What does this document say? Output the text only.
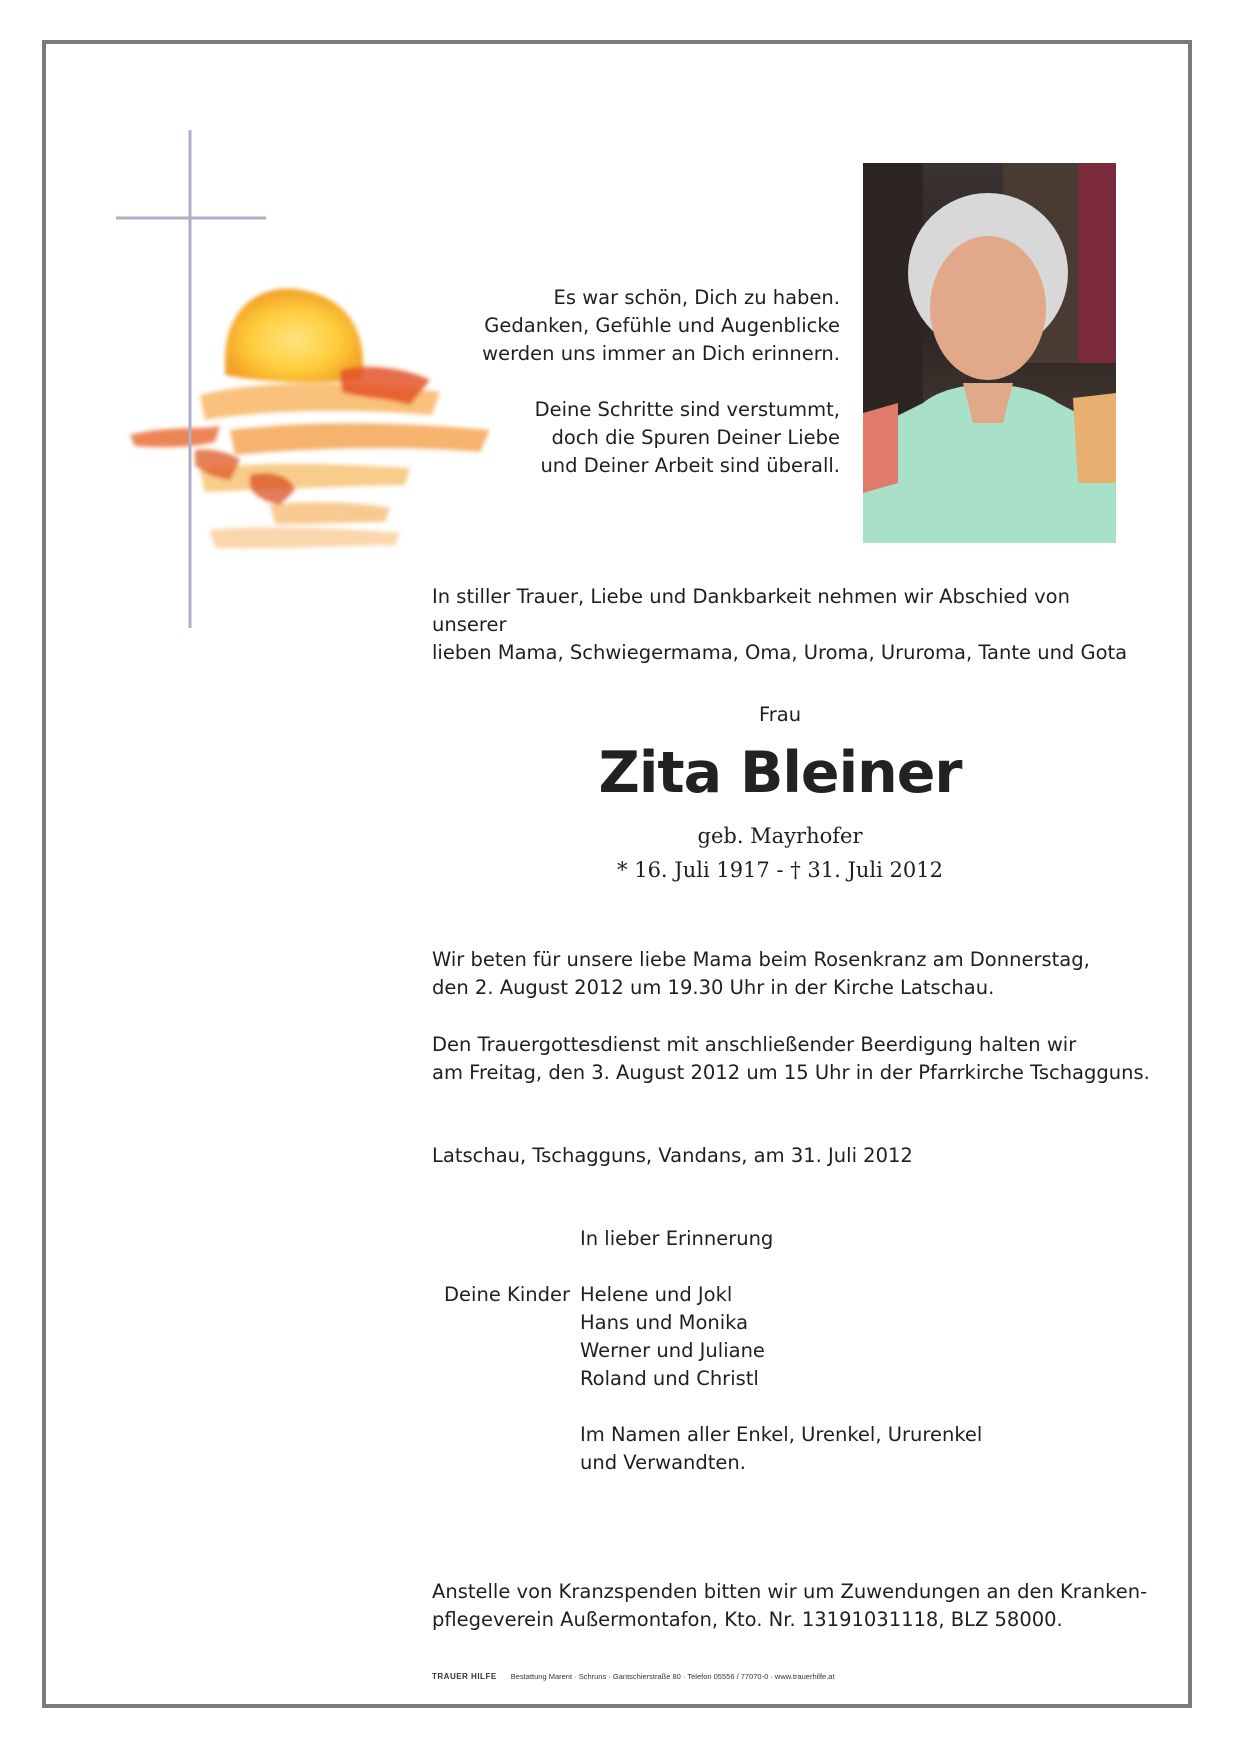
Es war schön, Dich zu haben.
Gedanken, Gefühle und Augenblicke
werden uns immer an Dich erinnern.
Deine Schritte sind verstummt,
doch die Spuren Deiner Liebe
und Deiner Arbeit sind überall.
In stiller Trauer, Liebe und Dankbarkeit nehmen wir Abschied von unserer
lieben Mama, Schwiegermama, Oma, Uroma, Ururoma, Tante und Gota
Frau
Zita Bleiner
geb. Mayrhofer
* 16. Juli 1917 - † 31. Juli 2012
Wir beten für unsere liebe Mama beim Rosenkranz am Donnerstag,
den 2. August 2012 um 19.30 Uhr in der Kirche Latschau.
Den Trauergottesdienst mit anschließender Beerdigung halten wir
am Freitag, den 3. August 2012 um 15 Uhr in der Pfarrkirche Tschagguns.
Latschau, Tschagguns, Vandans, am 31. Juli 2012
In lieber Erinnerung
Deine Kinder Helene und Jokl
Hans und Monika
Werner und Juliane
Roland und Christl
Im Namen aller Enkel, Urenkel, Ururenkel
und Verwandten.
Anstelle von Kranzspenden bitten wir um Zuwendungen an den Kranken-
pflegeverein Außermontafon, Kto. Nr. 13191031118, BLZ 58000.
TRAUER HILFE Bestattung Marent · Schruns · Gantschierstraße 80 · Telefon 05556 / 77070-0 · www.trauerhilfe.at
